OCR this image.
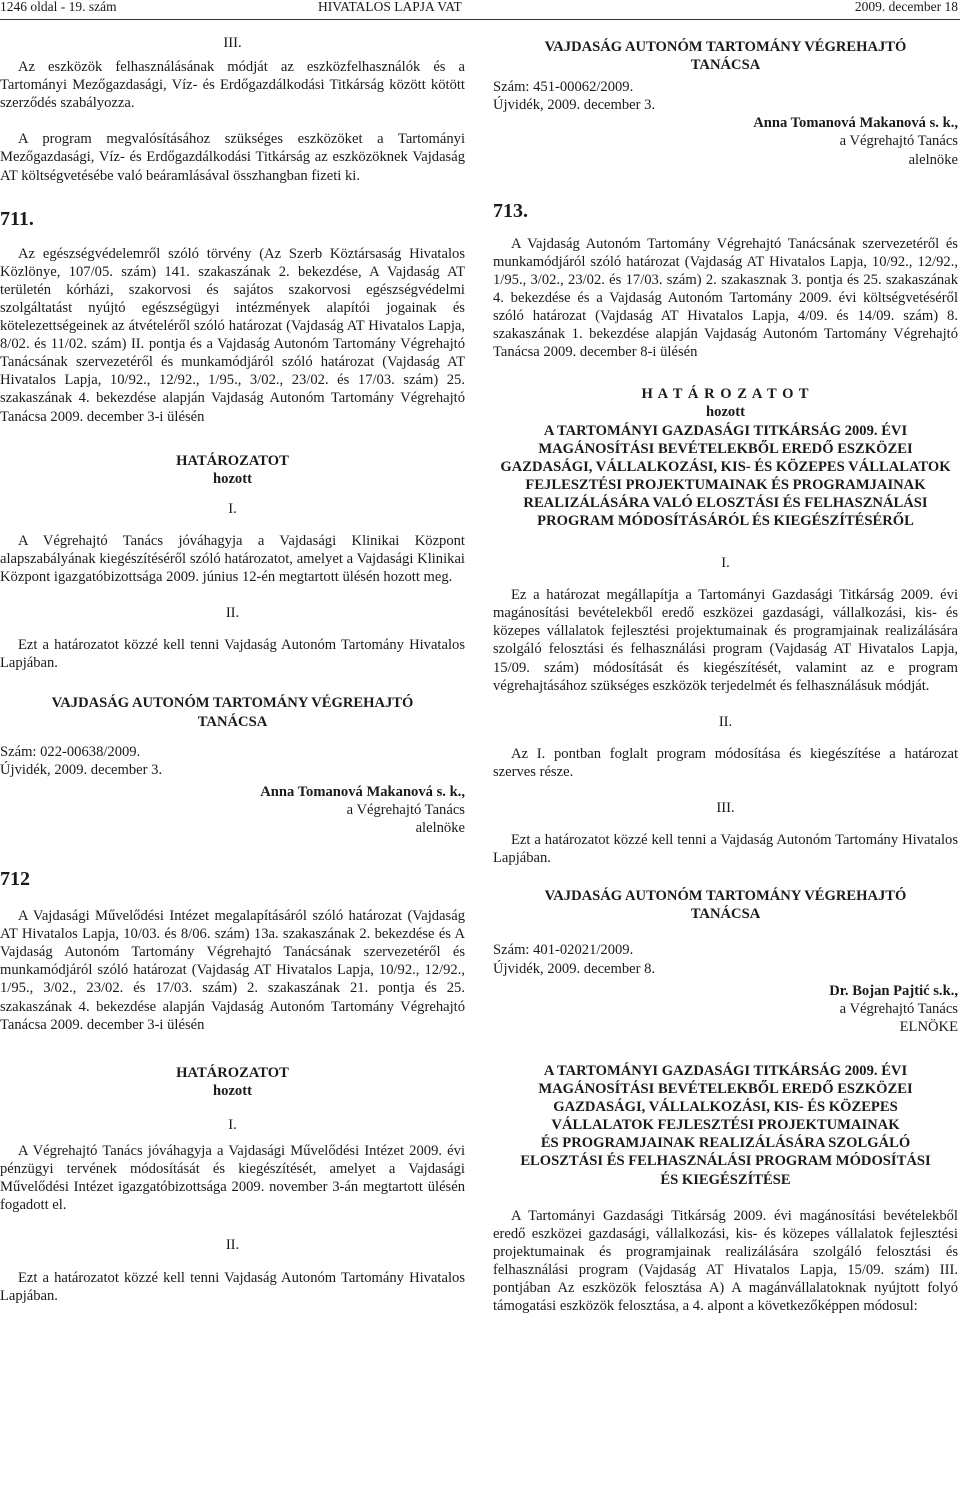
1246 oldal - 19. szám	HIVATALOS LAPJA VAT	2009. december 18

III.

Az eszközök felhasználásának módját az eszközfelhasználók és a Tartományi Mezőgazdasági, Víz- és Erdőgazdálkodási Titkárság között kötött szerződés szabályozza.

A program megvalósításához szükséges eszközöket a Tartományi Mezőgazdasági, Víz- és Erdőgazdálkodási Titkárság az eszközöknek Vajdaság AT költségvetésébe való beáramlásával összhangban fizeti ki.

711.

Az egészségvédelemről szóló törvény (Az Szerb Köztársaság Hivatalos Közlönye, 107/05. szám) 141. szakaszának 2. bekezdése, A Vajdaság AT területén kórházi, szakorvosi és sajátos szakorvosi egészségvédelmi szolgáltatást nyújtó egészségügyi intézmények alapítói jogainak és kötelezettségeinek az átvételéről szóló határozat (Vajdaság AT Hivatalos Lapja, 8/02. és 11/02. szám) II. pontja és a Vajdaság Autonóm Tartomány Végrehajtó Tanácsának szervezetéről és munkamódjáról szóló határozat (Vajdaság AT Hivatalos Lapja, 10/92., 12/92., 1/95., 3/02., 23/02. és 17/03. szám) 25. szakaszának 4. bekezdése alapján Vajdaság Autonóm Tartomány Végrehajtó Tanácsa 2009. december 3-i ülésén

HATÁROZATOT

hozott

I.

A Végrehajtó Tanács jóváhagyja a Vajdasági Klinikai Központ alapszabályának kiegészítéséről szóló határozatot, amelyet a Vajdasági Klinikai Központ igazgatóbizottsága 2009. június 12-én megtartott ülésén hozott meg.

II.

Ezt a határozatot közzé kell tenni Vajdaság Autonóm Tartomány Hivatalos Lapjában.

VAJDASÁG AUTONÓM TARTOMÁNY VÉGREHAJTÓ

TANÁCSA

Szám: 022-00638/2009.

Újvidék, 2009. december 3.

Anna Tomanová Makanová s. k.,

a Végrehajtó Tanács

alelnöke

712

A Vajdasági Művelődési Intézet megalapításáról szóló határozat (Vajdaság AT Hivatalos Lapja, 10/03. és 8/06. szám) 13a. szakaszának 2. bekezdése és A Vajdaság Autonóm Tartomány Végrehajtó Tanácsának szervezetéről és munkamódjáról szóló határozat (Vajdaság AT Hivatalos Lapja, 10/92., 12/92., 1/95., 3/02., 23/02. és 17/03. szám) 2. szakaszának 21. pontja és 25. szakaszának 4. bekezdése alapján Vajdaság Autonóm Tartomány Végrehajtó Tanácsa 2009. december 3-i ülésén

HATÁROZATOT

hozott

I.

A Végrehajtó Tanács jóváhagyja a Vajdasági Művelődési Intézet 2009. évi pénzügyi tervének módosítását és kiegészítését, amelyet a Vajdasági Művelődési Intézet igazgatóbizottsága 2009. november 3-án megtartott ülésén fogadott el.

II.

Ezt a határozatot közzé kell tenni Vajdaság Autonóm Tartomány Hivatalos Lapjában.

VAJDASÁG AUTONÓM TARTOMÁNY VÉGREHAJTÓ

TANÁCSA

Szám: 451-00062/2009.

Újvidék, 2009. december 3.

Anna Tomanová Makanová s. k.,

a Végrehajtó Tanács

alelnöke

713.

A Vajdaság Autonóm Tartomány Végrehajtó Tanácsának szervezetéről és munkamódjáról szóló határozat (Vajdaság AT Hivatalos Lapja, 10/92., 12/92., 1/95., 3/02., 23/02. és 17/03. szám) 2. szakasznak 3. pontja és 25. szakaszának 4. bekezdése és a Vajdaság Autonóm Tartomány 2009. évi költségvetéséről szóló határozat (Vajdaság AT Hivatalos Lapja, 4/09. és 14/09. szám) 8. szakaszának 1. bekezdése alapján Vajdaság Autonóm Tartomány Végrehajtó Tanácsa 2009. december 8-i ülésén

H A T Á R O Z A T O T

hozott

A TARTOMÁNYI GAZDASÁGI TITKÁRSÁG 2009. ÉVI MAGÁNOSÍTÁSI BEVÉTELEKBŐL EREDŐ ESZKÖZEI GAZDASÁGI, VÁLLALKOZÁSI, KIS- ÉS KÖZEPES VÁLLALATOK FEJLESZTÉSI PROJEKTUMAINAK ÉS PROGRAMJAINAK REALIZÁLÁSÁRA VALÓ ELOSZTÁSI ÉS FELHASZNÁLÁSI PROGRAM MÓDOSÍTÁSÁRÓL ÉS KIEGÉSZÍTÉSÉRŐL

I.

Ez a határozat megállapítja a Tartományi Gazdasági Titkárság 2009. évi magánosítási bevételekből eredő eszközei gazdasági, vállalkozási, kis- és közepes vállalatok fejlesztési projektumainak és programjainak realizálására szolgáló felosztási és felhasználási program (Vajdaság AT Hivatalos Lapja, 15/09. szám) módosítását és kiegészítését, valamint az e program végrehajtásához szükséges eszközök terjedelmét és felhasználásuk módját.

II.

Az I. pontban foglalt program módosítása és kiegészítése a határozat szerves része.

III.

Ezt a határozatot közzé kell tenni a Vajdaság Autonóm Tartomány Hivatalos Lapjában.

VAJDASÁG AUTONÓM TARTOMÁNY VÉGREHAJTÓ

TANÁCSA

Szám: 401-02021/2009.

Újvidék, 2009. december 8.

Dr. Bojan Pajtić s.k.,

a Végrehajtó Tanács

ELNÖKE

A TARTOMÁNYI GAZDASÁGI TITKÁRSÁG 2009. ÉVI

MAGÁNOSÍTÁSI BEVÉTELEKBŐL EREDŐ ESZKÖZEI

GAZDASÁGI, VÁLLALKOZÁSI, KIS- ÉS KÖZEPES

VÁLLALATOK FEJLESZTÉSI PROJEKTUMAINAK

ÉS PROGRAMJAINAK REALIZÁLÁSÁRA SZOLGÁLÓ

ELOSZTÁSI ÉS FELHASZNÁLÁSI PROGRAM MÓDOSÍTÁSI

ÉS KIEGÉSZÍTÉSE

A Tartományi Gazdasági Titkárság 2009. évi magánosítási bevételekből eredő eszközei gazdasági, vállalkozási, kis- és közepes vállalatok fejlesztési projektumainak és programjainak realizálására szolgáló felosztási és felhasználási program (Vajdaság AT Hivatalos Lapja, 15/09. szám) III. pontjában Az eszközök felosztása A) A magánvállalatoknak nyújtott folyó támogatási eszközök felosztása, a 4. alpont a következőképpen módosul:
